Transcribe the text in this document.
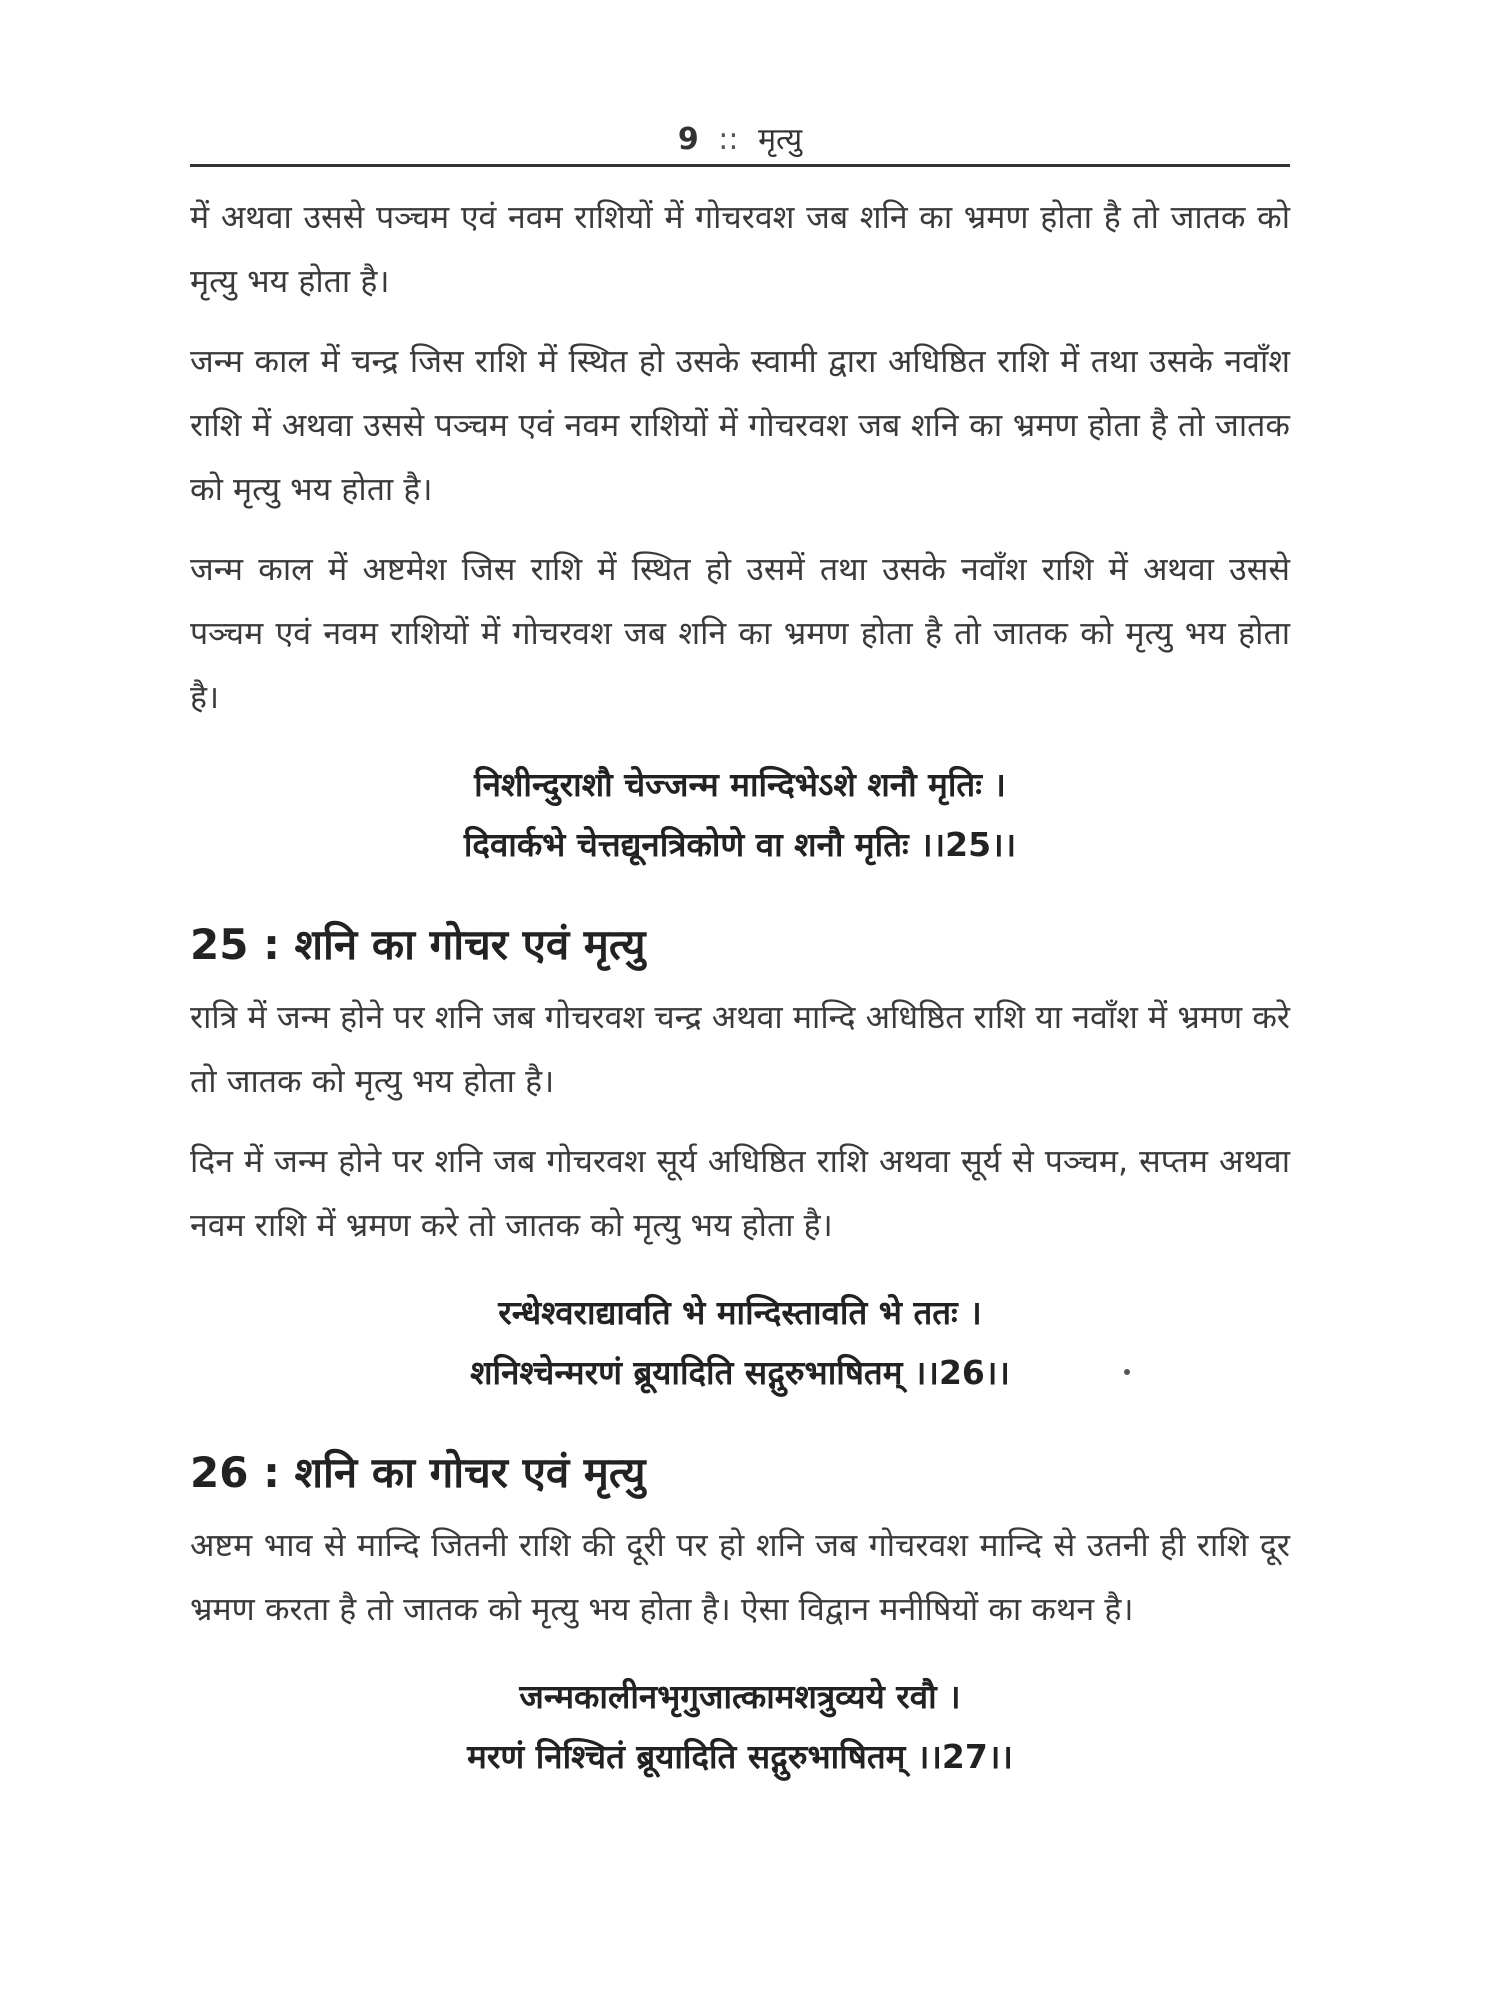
9 :: मृत्यु

में अथवा उससे पञ्चम एवं नवम राशियों में गोचरवश जब शनि का भ्रमण होता है तो जातक को मृत्यु भय होता है।

जन्म काल में चन्द्र जिस राशि में स्थित हो उसके स्वामी द्वारा अधिष्ठित राशि में तथा उसके नवाँश राशि में अथवा उससे पञ्चम एवं नवम राशियों में गोचरवश जब शनि का भ्रमण होता है तो जातक को मृत्यु भय होता है।

जन्म काल में अष्टमेश जिस राशि में स्थित हो उसमें तथा उसके नवाँश राशि में अथवा उससे पञ्चम एवं नवम राशियों में गोचरवश जब शनि का भ्रमण होता है तो जातक को मृत्यु भय होता है।

निशीन्दुराशौ चेज्जन्म मान्दिभेऽशे शनौ मृतिः ।
दिवार्कभे चेत्तद्यूनत्रिकोणे वा शनौ मृतिः ।।25।।
25 : शनि का गोचर एवं मृत्यु

रात्रि में जन्म होने पर शनि जब गोचरवश चन्द्र अथवा मान्दि अधिष्ठित राशि या नवाँश में भ्रमण करे तो जातक को मृत्यु भय होता है।

दिन में जन्म होने पर शनि जब गोचरवश सूर्य अधिष्ठित राशि अथवा सूर्य से पञ्चम, सप्तम अथवा नवम राशि में भ्रमण करे तो जातक को मृत्यु भय होता है।

रन्धेश्वराद्यावति भे मान्दिस्तावति भे ततः ।
शनिश्चेन्मरणं ब्रूयादिति सद्गुरुभाषितम् ।।26।।
26 : शनि का गोचर एवं मृत्यु

अष्टम भाव से मान्दि जितनी राशि की दूरी पर हो शनि जब गोचरवश मान्दि से उतनी ही राशि दूर भ्रमण करता है तो जातक को मृत्यु भय होता है। ऐसा विद्वान मनीषियों का कथन है।

जन्मकालीनभृगुजात्कामशत्रुव्यये रवौ ।
मरणं निश्चितं ब्रूयादिति सद्गुरुभाषितम् ।।27।।
